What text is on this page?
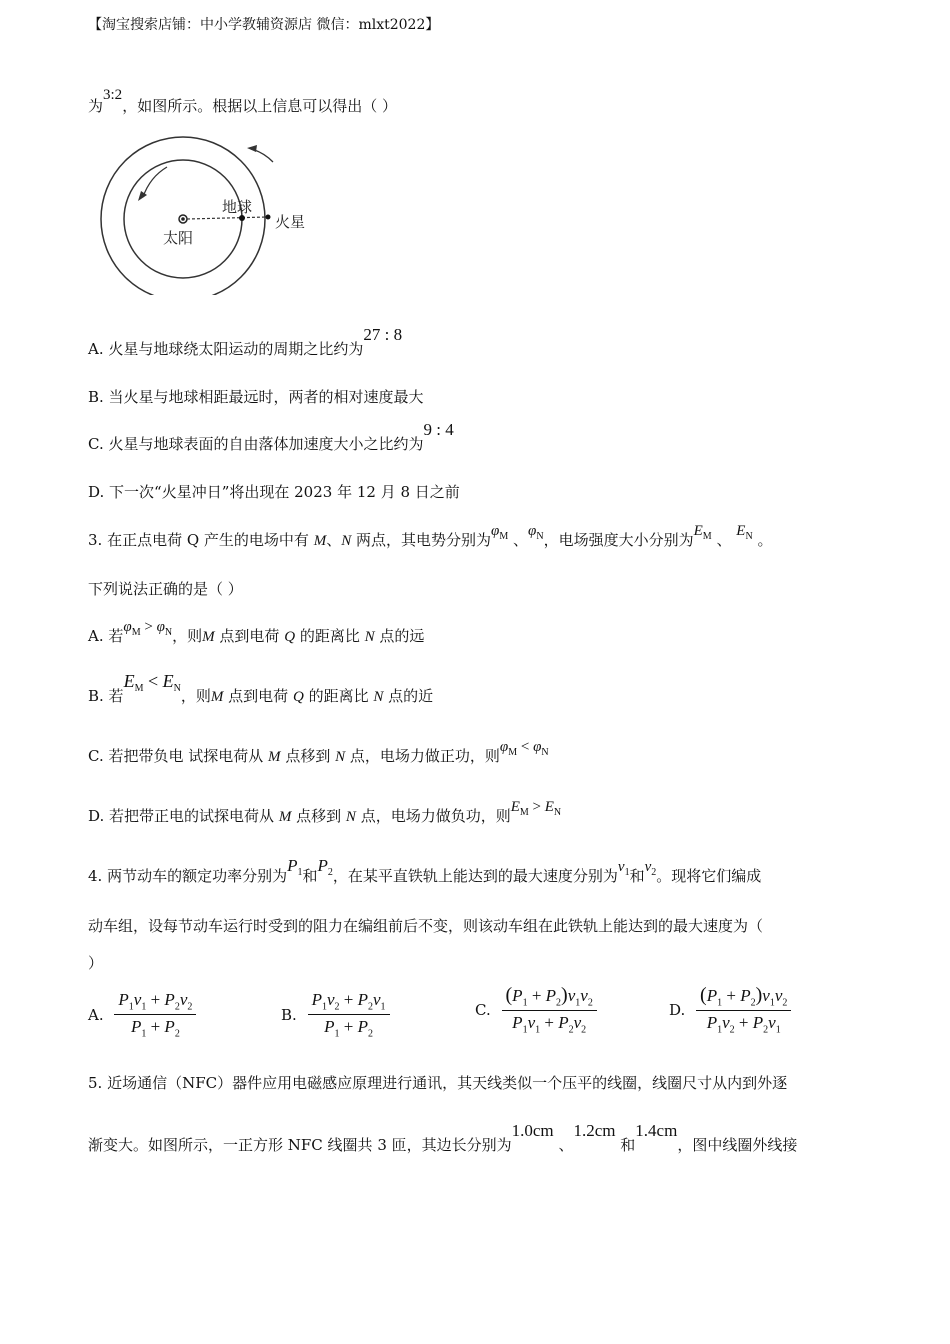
【淘宝搜索店铺：中小学教辅资源店 微信：mlxt2022】
为3:2，如图所示。根据以上信息可以得出（ ）
太阳
地球
火星
A. 火星与地球绕太阳运动的周期之比约为27 : 8
B. 当火星与地球相距最远时，两者的相对速度最大
C. 火星与地球表面的自由落体加速度大小之比约为9 : 4
D. 下一次“火星冲日”将出现在 2023 年 12 月 8 日之前
3. 在正点电荷 Q 产生的电场中有 M、N 两点，其电势分别为$\varphi_M$ 、$\varphi_N$，电场强度大小分别为$E_M$ 、 $E_N$ 。
下列说法正确的是（ ）
A. 若$\varphi_M > \varphi_N$，则M 点到电荷 Q 的距离比 N 点的远
B. 若$E_M < E_N$，则M 点到电荷 Q 的距离比 N 点的近
C. 若把带负电 试探电荷从 M 点移到 N 点，电场力做正功，则$\varphi_M < \varphi_N$
D. 若把带正电的试探电荷从 M 点移到 N 点，电场力做负功，则$E_M > E_N$
4. 两节动车的额定功率分别为$P_1$和$P_2$，在某平直铁轨上能达到的最大速度分别为$v_1$和$v_2$。现将它们编成
动车组，设每节动车运行时受到的阻力在编组前后不变，则该动车组在此铁轨上能达到的最大速度为（
）
A. $\frac{P_1v_1 + P_2v_2}{P_1 + P_2}$	B. $\frac{P_1v_2 + P_2v_1}{P_1 + P_2}$	C. $\frac{(P_1 + P_2)v_1v_2}{P_1v_1 + P_2v_2}$	D. $\frac{(P_1 + P_2)v_1v_2}{P_1v_2 + P_2v_1}$
5. 近场通信（NFC）器件应用电磁感应原理进行通讯，其天线类似一个压平的线圈，线圈尺寸从内到外逐
渐变大。如图所示，一正方形 NFC 线圈共 3 匝，其边长分别为1.0cm 、1.2cm 和1.4cm，图中线圈外线接
